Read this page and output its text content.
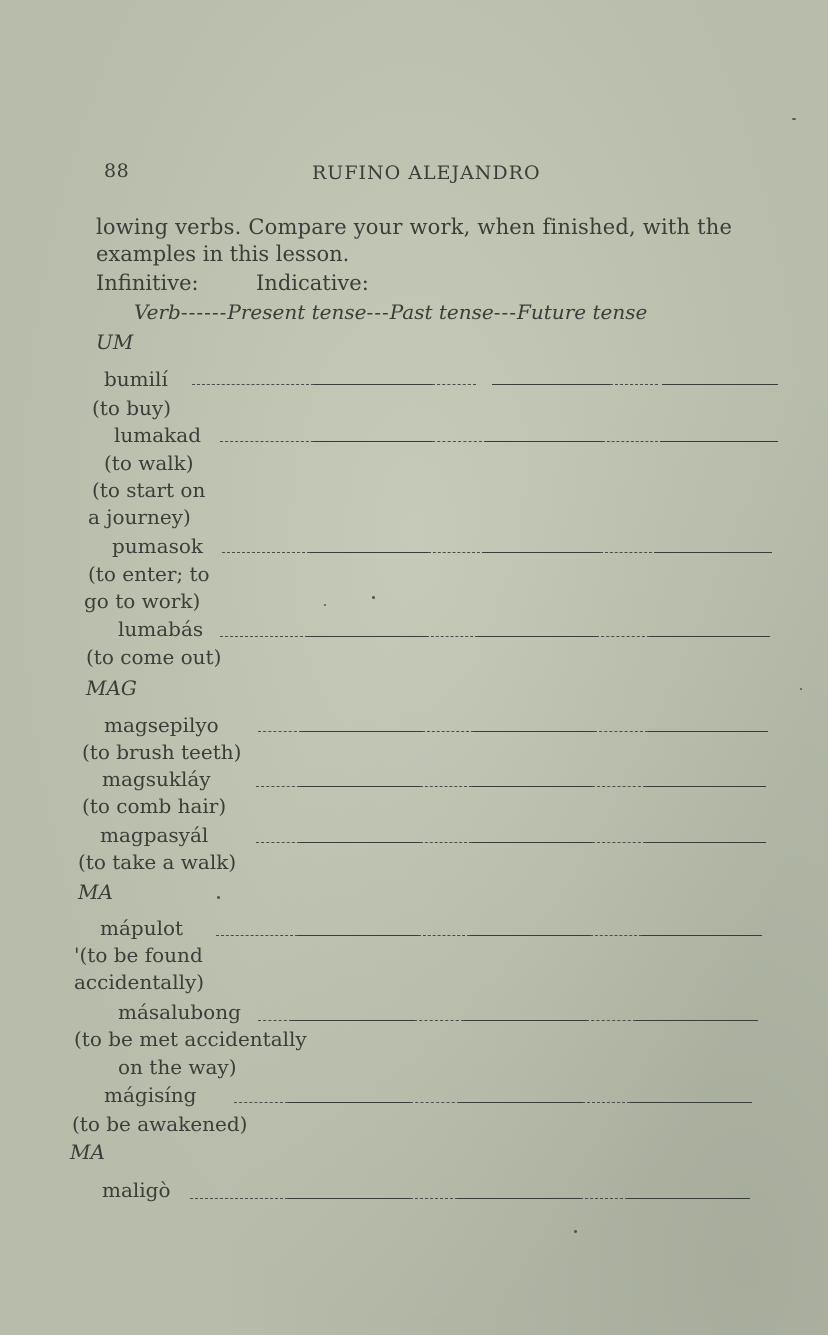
88	RUFINO ALEJANDRO

lowing verbs. Compare your work, when finished, with the

examples in this lesson.

Infinitive:	Indicative:
Verb------Present tense---Past tense---Future tense
UM
MAG
MA
MA
bumilí
(to buy)
lumakad
(to walk)
(to start on
a journey)
pumasok
(to enter; to
go to work)
lumabás
(to come out)
magsepilyo
(to brush teeth)
magsukláy
(to comb hair)
magpasyál
(to take a walk)
mápulot
'(to be found
accidentally)
másalubong
(to be met accidentally
on the way)
mágisíng
(to be awakened)
maligò
